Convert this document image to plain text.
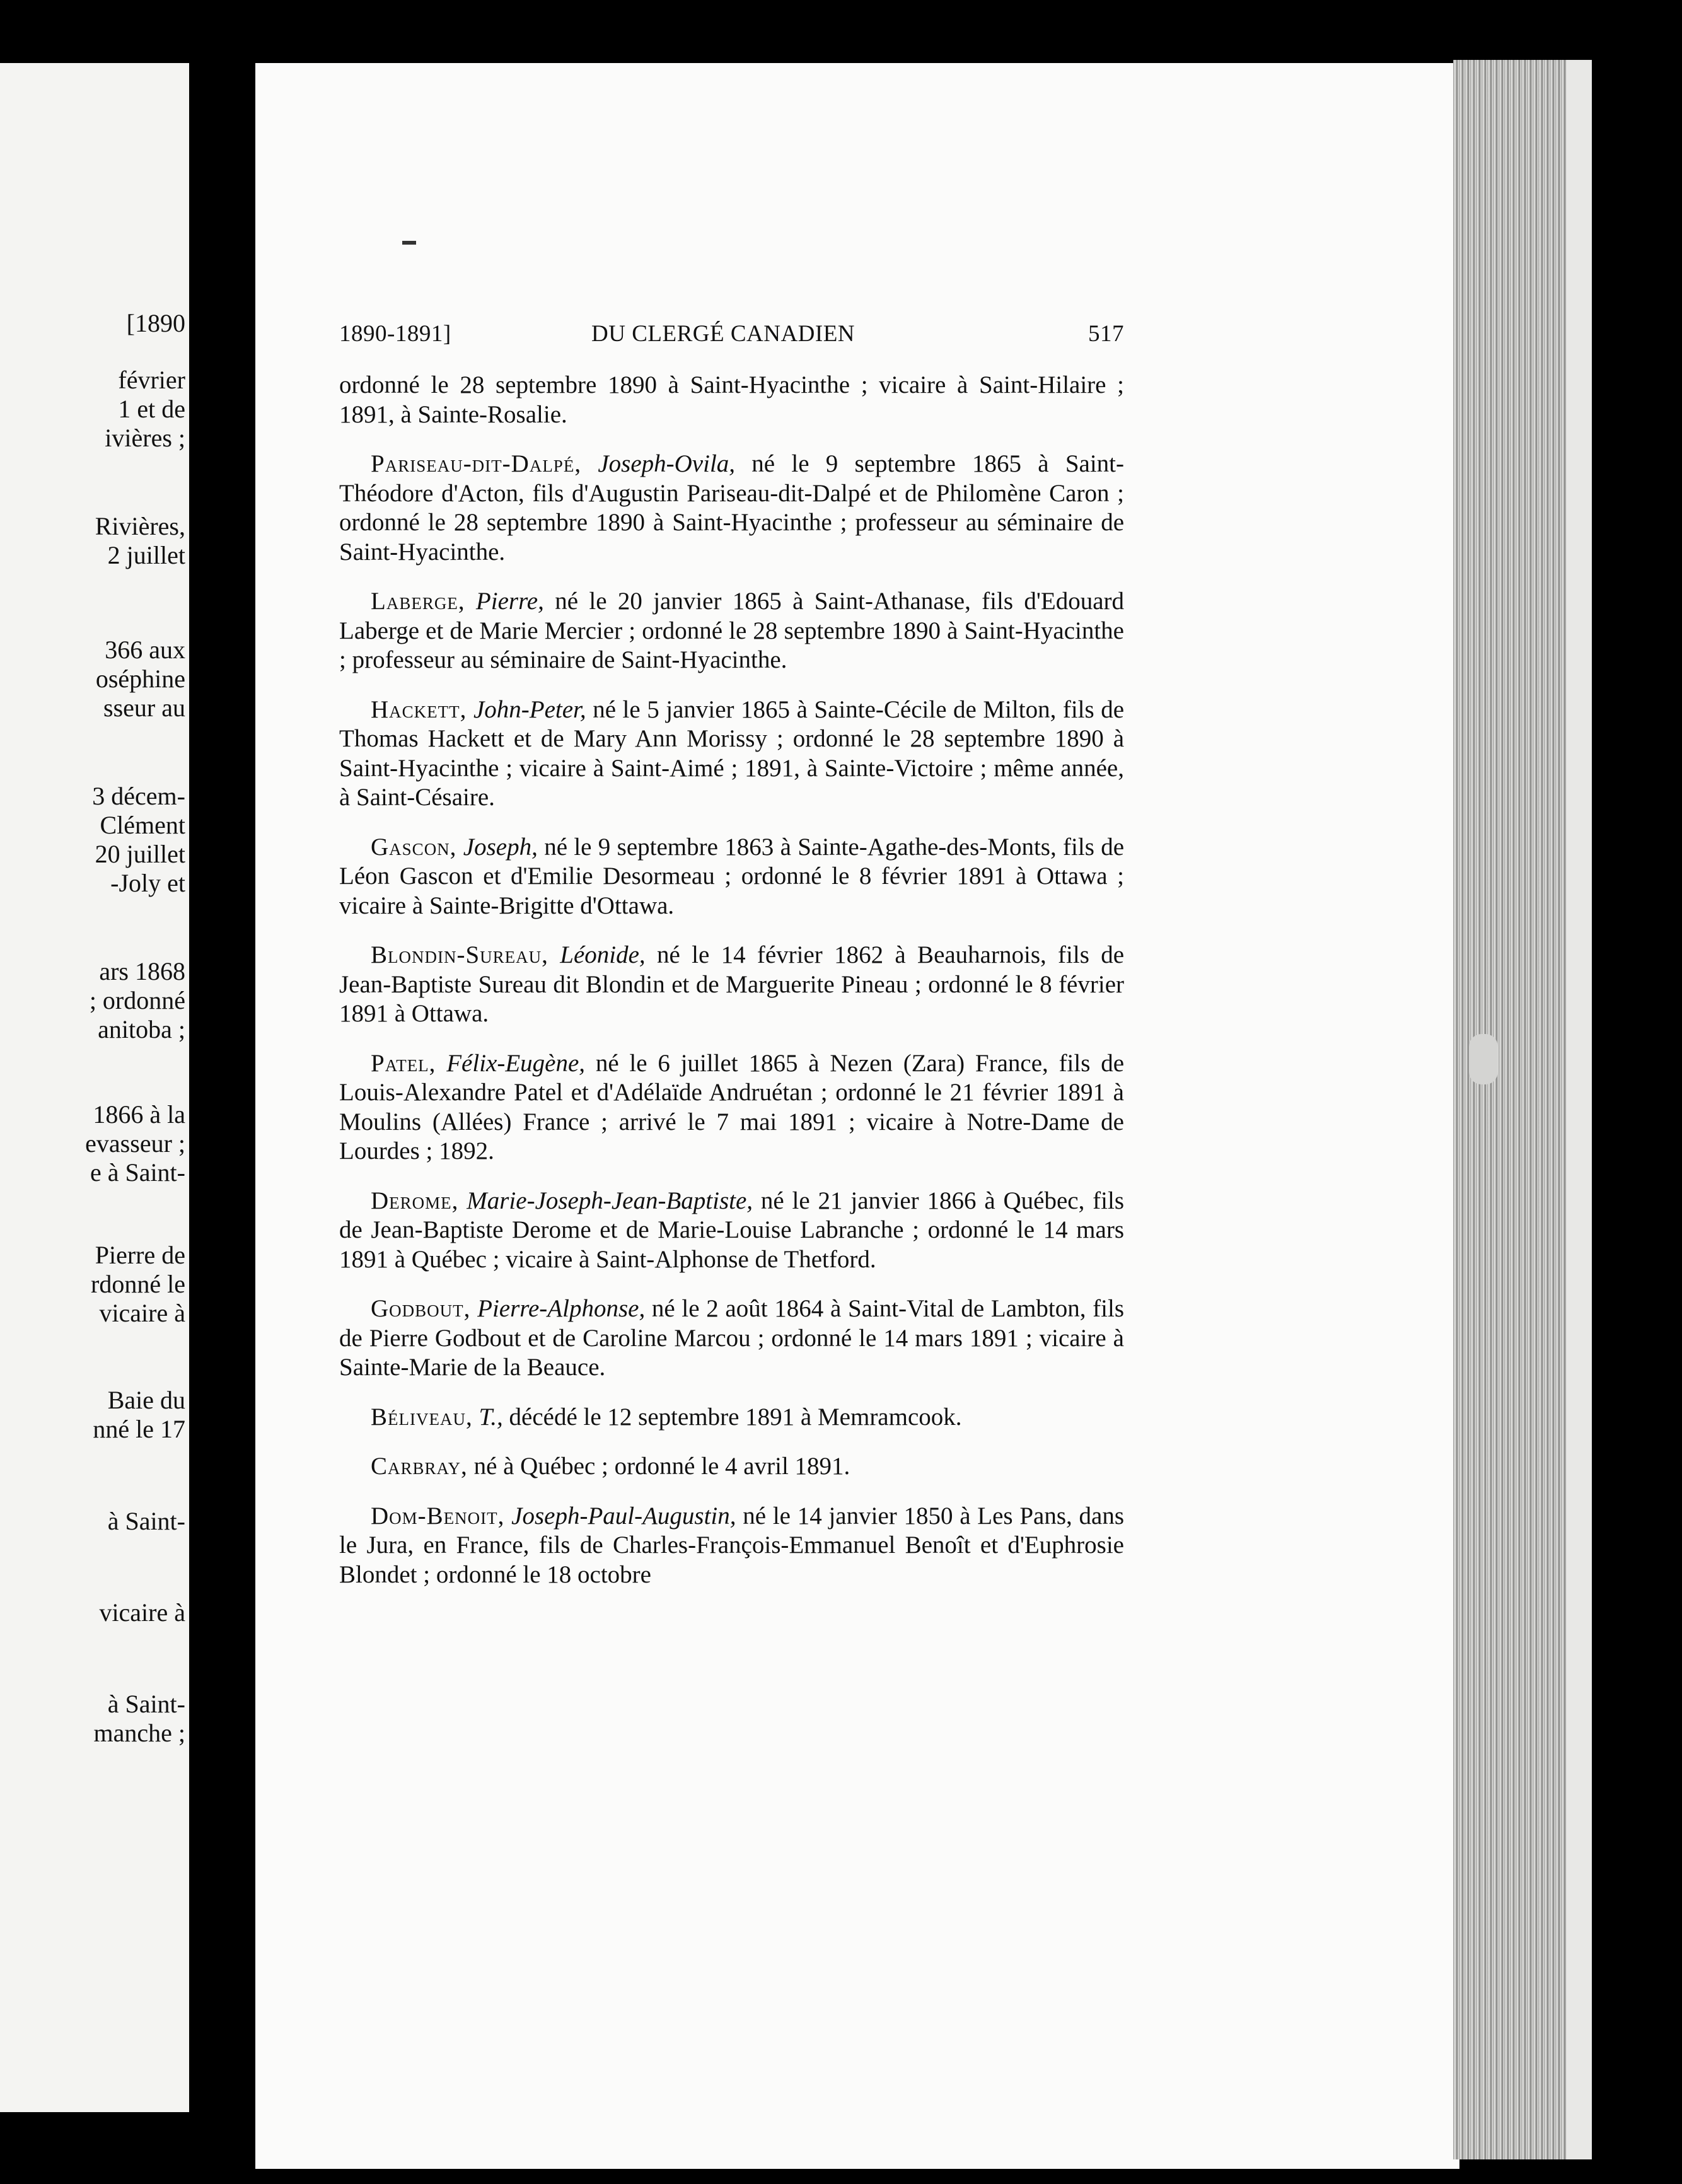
[1890
février
1 et de
ivières ;
Rivières,
2 juillet
366 aux
oséphine
sseur au
3 décem-
Clément
20 juillet
-Joly et
ars 1868
; ordonné
anitoba ;
1866 à la
evasseur ;
e à Saint-
Pierre de
rdonné le
vicaire à
Baie du
nné le 17
à Saint-
vicaire à
à Saint-
manche ;
1890-1891]	DU CLERGÉ CANADIEN	517

ordonné le 28 septembre 1890 à Saint-Hyacinthe ; vicaire à Saint-Hilaire ; 1891, à Sainte-Rosalie.

Pariseau-dit-Dalpé, Joseph-Ovila, né le 9 septembre 1865 à Saint-Théodore d'Acton, fils d'Augustin Pariseau-dit-Dalpé et de Philomène Caron ; ordonné le 28 septembre 1890 à Saint-Hyacinthe ; professeur au séminaire de Saint-Hyacinthe.

Laberge, Pierre, né le 20 janvier 1865 à Saint-Athanase, fils d'Edouard Laberge et de Marie Mercier ; ordonné le 28 septembre 1890 à Saint-Hyacinthe ; professeur au séminaire de Saint-Hyacinthe.

Hackett, John-Peter, né le 5 janvier 1865 à Sainte-Cécile de Milton, fils de Thomas Hackett et de Mary Ann Morissy ; ordonné le 28 septembre 1890 à Saint-Hyacinthe ; vicaire à Saint-Aimé ; 1891, à Sainte-Victoire ; même année, à Saint-Césaire.

Gascon, Joseph, né le 9 septembre 1863 à Sainte-Agathe-des-Monts, fils de Léon Gascon et d'Emilie Desormeau ; ordonné le 8 février 1891 à Ottawa ; vicaire à Sainte-Brigitte d'Ottawa.

Blondin-Sureau, Léonide, né le 14 février 1862 à Beauharnois, fils de Jean-Baptiste Sureau dit Blondin et de Marguerite Pineau ; ordonné le 8 février 1891 à Ottawa.

Patel, Félix-Eugène, né le 6 juillet 1865 à Nezen (Zara) France, fils de Louis-Alexandre Patel et d'Adélaïde Andruétan ; ordonné le 21 février 1891 à Moulins (Allées) France ; arrivé le 7 mai 1891 ; vicaire à Notre-Dame de Lourdes ; 1892.

Derome, Marie-Joseph-Jean-Baptiste, né le 21 janvier 1866 à Québec, fils de Jean-Baptiste Derome et de Marie-Louise Labranche ; ordonné le 14 mars 1891 à Québec ; vicaire à Saint-Alphonse de Thetford.

Godbout, Pierre-Alphonse, né le 2 août 1864 à Saint-Vital de Lambton, fils de Pierre Godbout et de Caroline Marcou ; ordonné le 14 mars 1891 ; vicaire à Sainte-Marie de la Beauce.

Béliveau, T., décédé le 12 septembre 1891 à Memramcook.

Carbray, né à Québec ; ordonné le 4 avril 1891.

Dom-Benoit, Joseph-Paul-Augustin, né le 14 janvier 1850 à Les Pans, dans le Jura, en France, fils de Charles-François-Emmanuel Benoît et d'Euphrosie Blondet ; ordonné le 18 octobre
